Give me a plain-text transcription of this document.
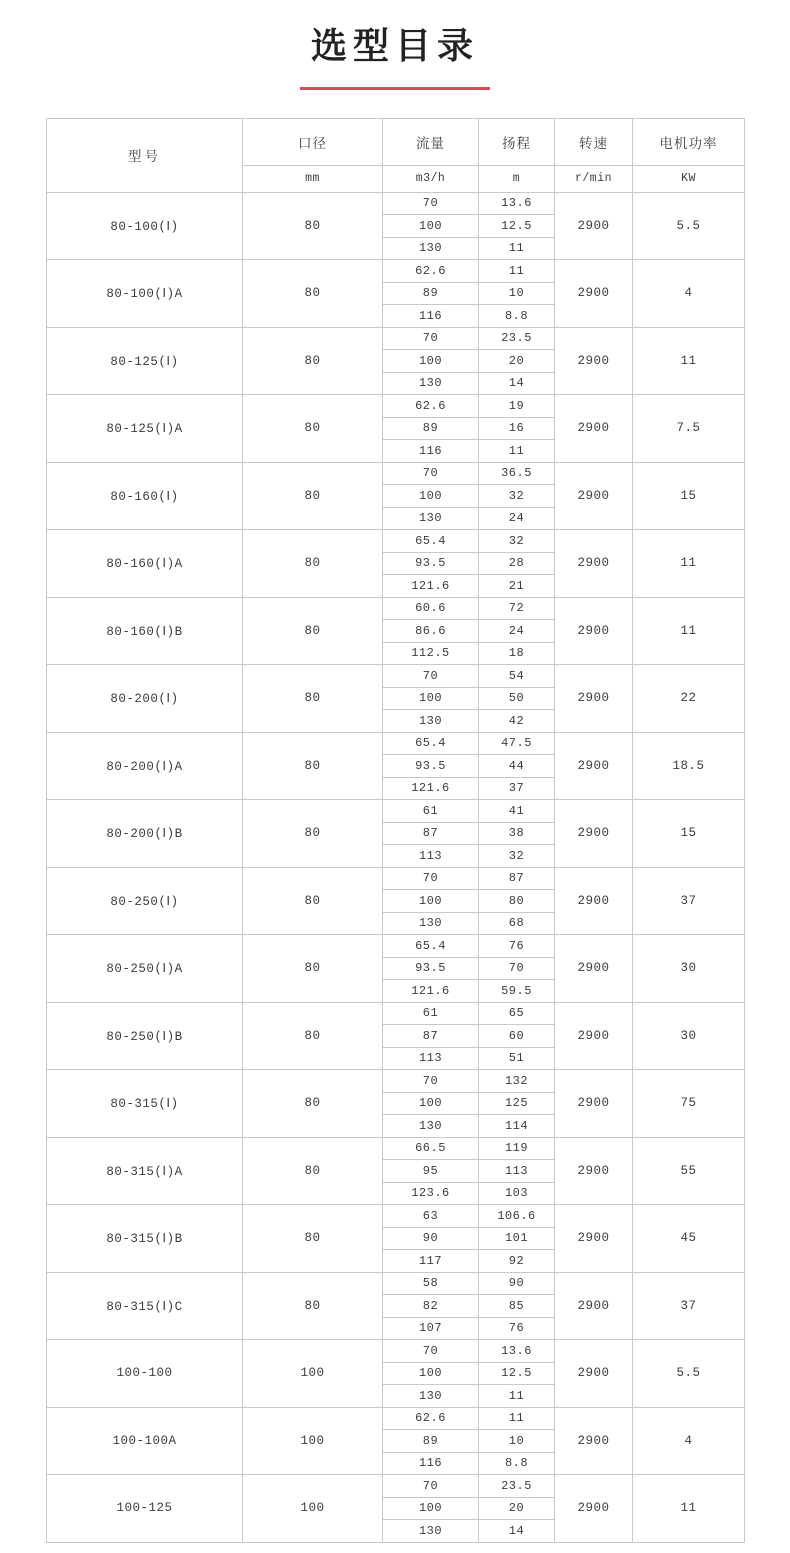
选型目录
型号	口径	流量	扬程	转速	电机功率
	mm	m3/h	m	r/min	KW
80-100(Ⅰ)	80	70	13.6	2900	5.5
		100	12.5		
		130	11		
80-100(Ⅰ)A	80	62.6	11	2900	4
		89	10		
		116	8.8		
80-125(Ⅰ)	80	70	23.5	2900	11
		100	20		
		130	14		
80-125(Ⅰ)A	80	62.6	19	2900	7.5
		89	16		
		116	11		
80-160(Ⅰ)	80	70	36.5	2900	15
		100	32		
		130	24		
80-160(Ⅰ)A	80	65.4	32	2900	11
		93.5	28		
		121.6	21		
80-160(Ⅰ)B	80	60.6	72	2900	11
		86.6	24		
		112.5	18		
80-200(Ⅰ)	80	70	54	2900	22
		100	50		
		130	42		
80-200(Ⅰ)A	80	65.4	47.5	2900	18.5
		93.5	44		
		121.6	37		
80-200(Ⅰ)B	80	61	41	2900	15
		87	38		
		113	32		
80-250(Ⅰ)	80	70	87	2900	37
		100	80		
		130	68		
80-250(Ⅰ)A	80	65.4	76	2900	30
		93.5	70		
		121.6	59.5		
80-250(Ⅰ)B	80	61	65	2900	30
		87	60		
		113	51		
80-315(Ⅰ)	80	70	132	2900	75
		100	125		
		130	114		
80-315(Ⅰ)A	80	66.5	119	2900	55
		95	113		
		123.6	103		
80-315(Ⅰ)B	80	63	106.6	2900	45
		90	101		
		117	92		
80-315(Ⅰ)C	80	58	90	2900	37
		82	85		
		107	76		
100-100	100	70	13.6	2900	5.5
		100	12.5		
		130	11		
100-100A	100	62.6	11	2900	4
		89	10		
		116	8.8		
100-125	100	70	23.5	2900	11
		100	20		
		130	14		
